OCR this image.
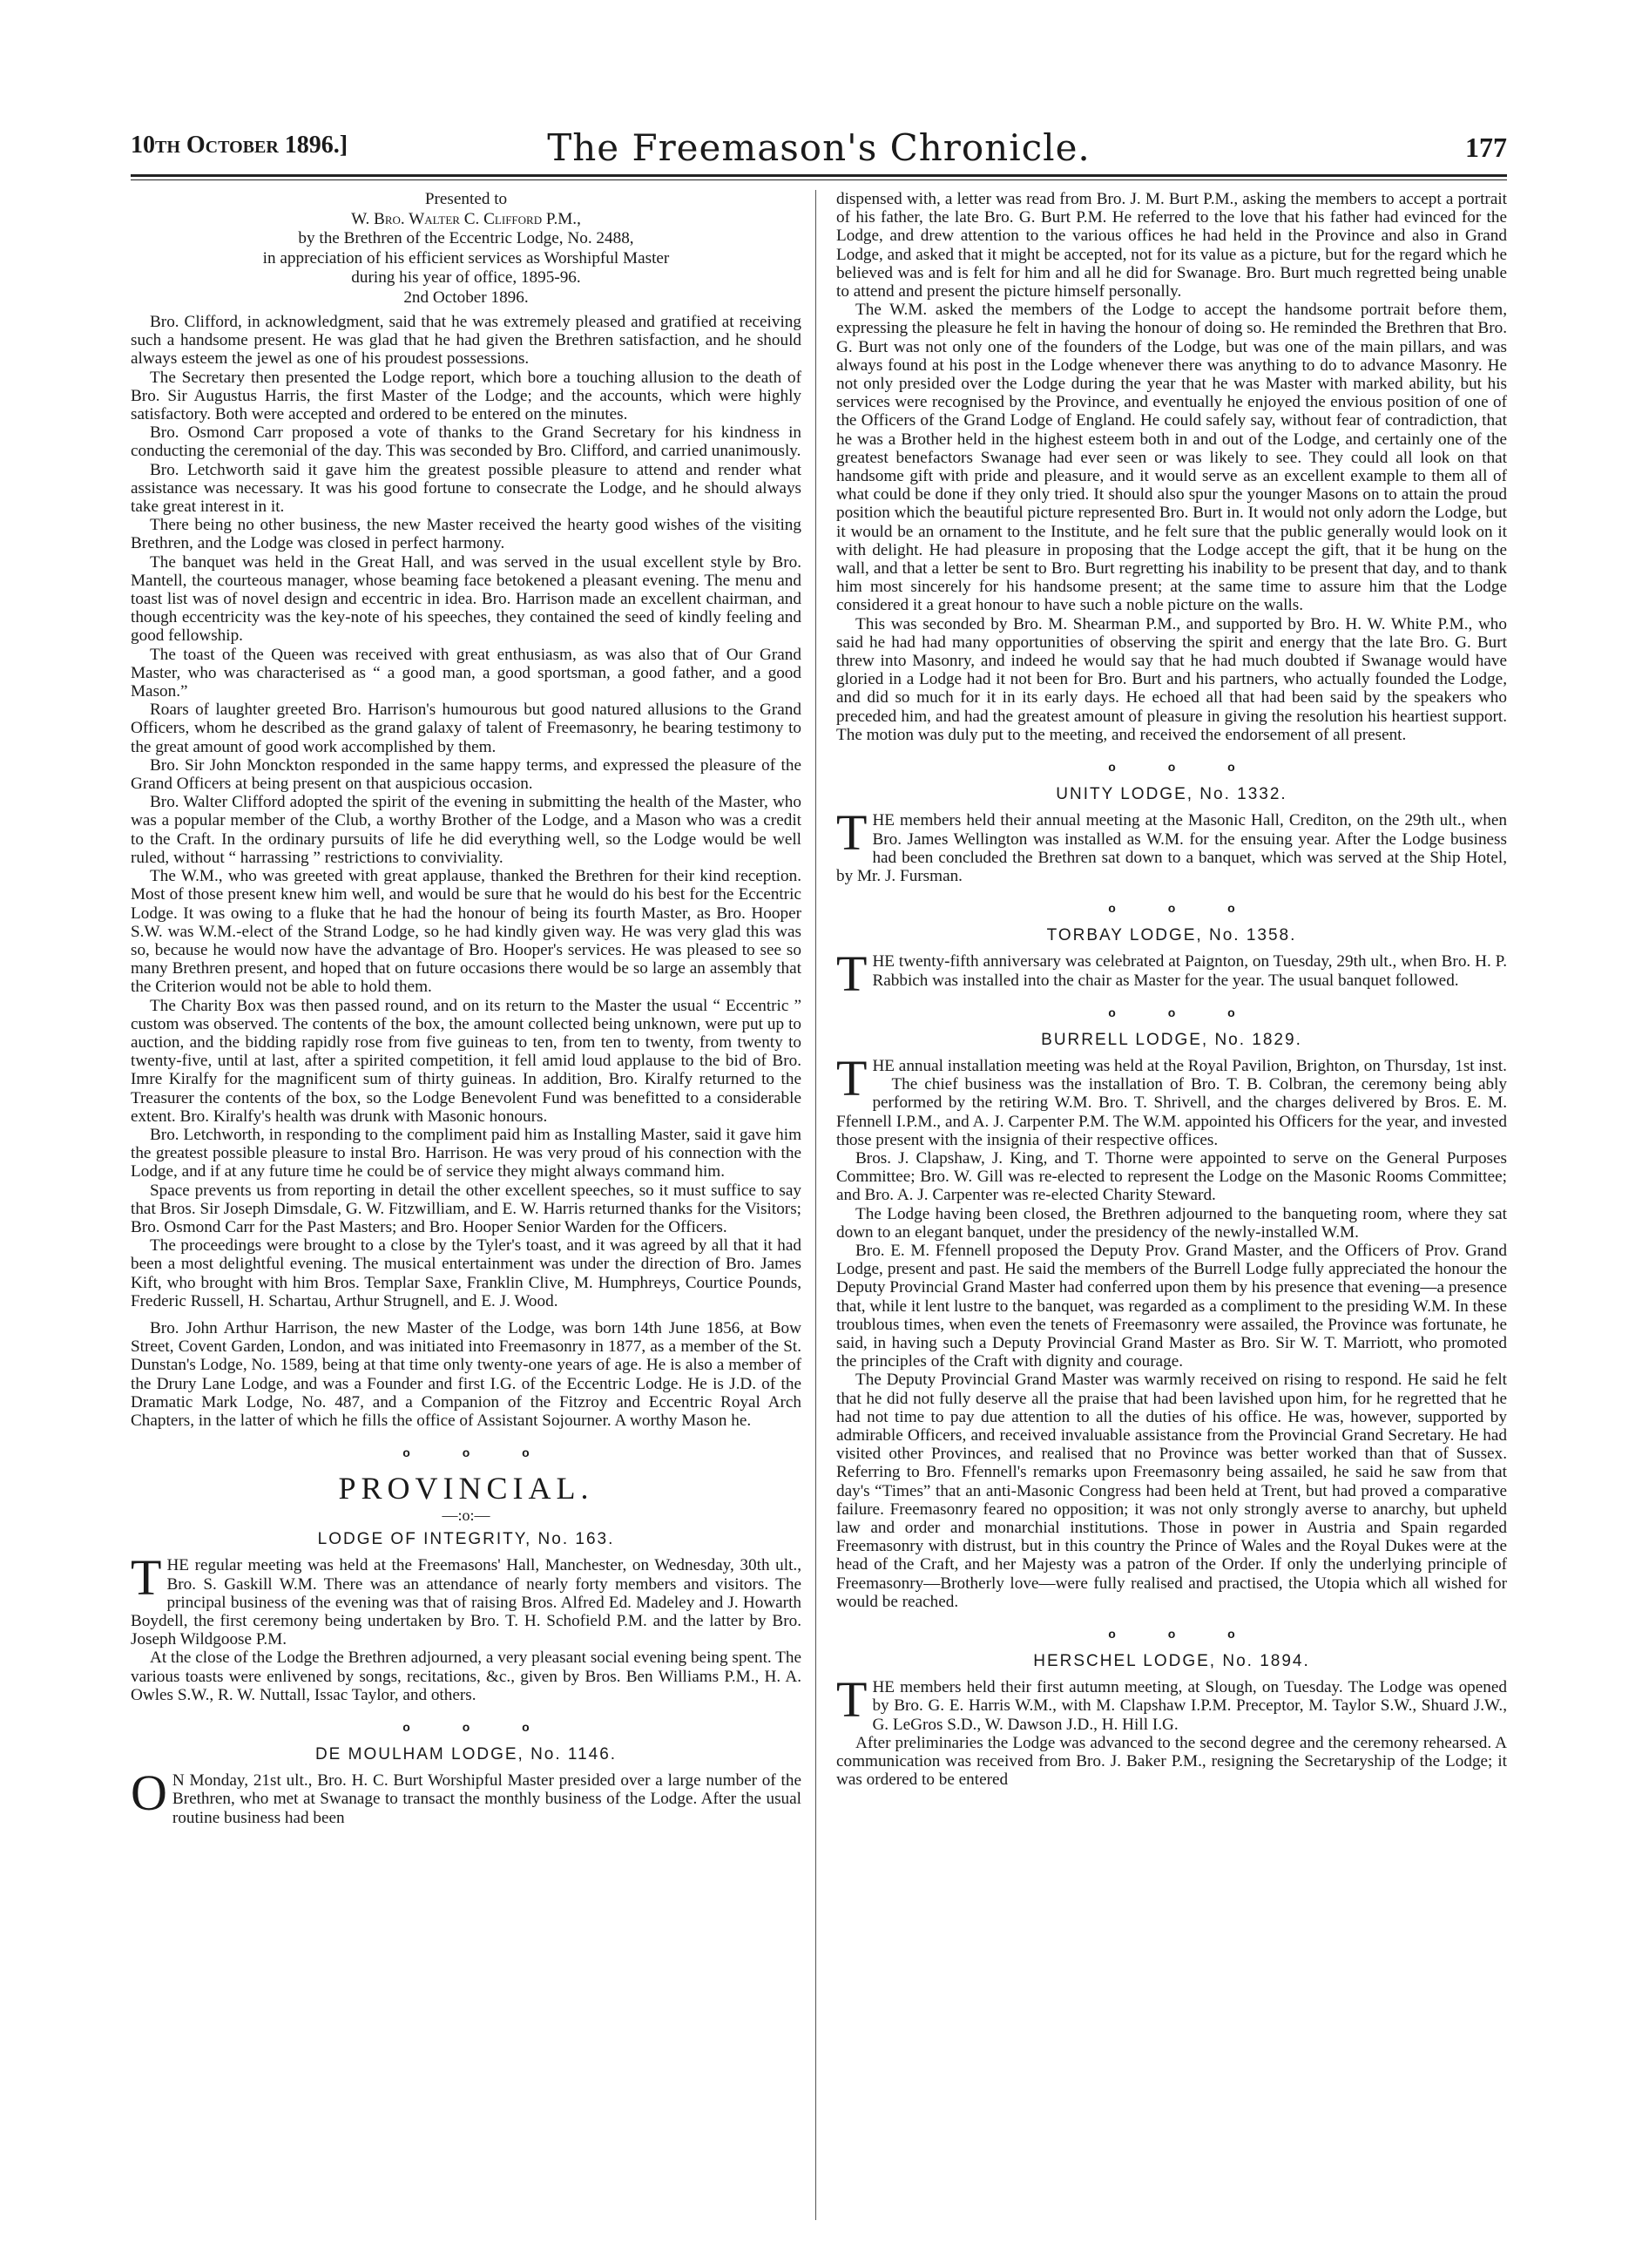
10th October 1896.]	The Freemason's Chronicle.	177
Presented to
W. Bro. Walter C. Clifford P.M.,
by the Brethren of the Eccentric Lodge, No. 2488,
in appreciation of his efficient services as Worshipful Master
during his year of office, 1895-96.
2nd October 1896.

Bro. Clifford, in acknowledgment, said that he was extremely pleased and gratified at receiving such a handsome present. He was glad that he had given the Brethren satisfaction, and he should always esteem the jewel as one of his proudest possessions.

The Secretary then presented the Lodge report, which bore a touching allusion to the death of Bro. Sir Augustus Harris, the first Master of the Lodge; and the accounts, which were highly satisfactory. Both were accepted and ordered to be entered on the minutes.

Bro. Osmond Carr proposed a vote of thanks to the Grand Secretary for his kindness in conducting the ceremonial of the day. This was seconded by Bro. Clifford, and carried unanimously.

Bro. Letchworth said it gave him the greatest possible pleasure to attend and render what assistance was necessary. It was his good fortune to consecrate the Lodge, and he should always take great interest in it.

There being no other business, the new Master received the hearty good wishes of the visiting Brethren, and the Lodge was closed in perfect harmony.

The banquet was held in the Great Hall, and was served in the usual excellent style by Bro. Mantell, the courteous manager, whose beaming face betokened a pleasant evening. The menu and toast list was of novel design and eccentric in idea. Bro. Harrison made an excellent chairman, and though eccentricity was the key-note of his speeches, they contained the seed of kindly feeling and good fellowship.

The toast of the Queen was received with great enthusiasm, as was also that of Our Grand Master, who was characterised as “ a good man, a good sportsman, a good father, and a good Mason.”

Roars of laughter greeted Bro. Harrison's humourous but good natured allusions to the Grand Officers, whom he described as the grand galaxy of talent of Freemasonry, he bearing testimony to the great amount of good work accomplished by them.

Bro. Sir John Monckton responded in the same happy terms, and expressed the pleasure of the Grand Officers at being present on that auspicious occasion.

Bro. Walter Clifford adopted the spirit of the evening in submitting the health of the Master, who was a popular member of the Club, a worthy Brother of the Lodge, and a Mason who was a credit to the Craft. In the ordinary pursuits of life he did everything well, so the Lodge would be well ruled, without “ harrassing ” restrictions to conviviality.

The W.M., who was greeted with great applause, thanked the Brethren for their kind reception. Most of those present knew him well, and would be sure that he would do his best for the Eccentric Lodge. It was owing to a fluke that he had the honour of being its fourth Master, as Bro. Hooper S.W. was W.M.-elect of the Strand Lodge, so he had kindly given way. He was very glad this was so, because he would now have the advantage of Bro. Hooper's services. He was pleased to see so many Brethren present, and hoped that on future occasions there would be so large an assembly that the Criterion would not be able to hold them.

The Charity Box was then passed round, and on its return to the Master the usual “ Eccentric ” custom was observed. The contents of the box, the amount collected being unknown, were put up to auction, and the bidding rapidly rose from five guineas to ten, from ten to twenty, from twenty to twenty-five, until at last, after a spirited competition, it fell amid loud applause to the bid of Bro. Imre Kiralfy for the magnificent sum of thirty guineas. In addition, Bro. Kiralfy returned to the Treasurer the contents of the box, so the Lodge Benevolent Fund was benefitted to a considerable extent. Bro. Kiralfy's health was drunk with Masonic honours.

Bro. Letchworth, in responding to the compliment paid him as Installing Master, said it gave him the greatest possible pleasure to instal Bro. Harrison. He was very proud of his connection with the Lodge, and if at any future time he could be of service they might always command him.

Space prevents us from reporting in detail the other excellent speeches, so it must suffice to say that Bros. Sir Joseph Dimsdale, G. W. Fitzwilliam, and E. W. Harris returned thanks for the Visitors; Bro. Osmond Carr for the Past Masters; and Bro. Hooper Senior Warden for the Officers.

The proceedings were brought to a close by the Tyler's toast, and it was agreed by all that it had been a most delightful evening. The musical entertainment was under the direction of Bro. James Kift, who brought with him Bros. Templar Saxe, Franklin Clive, M. Humphreys, Courtice Pounds, Frederic Russell, H. Schartau, Arthur Strugnell, and E. J. Wood.

Bro. John Arthur Harrison, the new Master of the Lodge, was born 14th June 1856, at Bow Street, Covent Garden, London, and was initiated into Freemasonry in 1877, as a member of the St. Dunstan's Lodge, No. 1589, being at that time only twenty-one years of age. He is also a member of the Drury Lane Lodge, and was a Founder and first I.G. of the Eccentric Lodge. He is J.D. of the Dramatic Mark Lodge, No. 487, and a Companion of the Fitzroy and Eccentric Royal Arch Chapters, in the latter of which he fills the office of Assistant Sojourner. A worthy Mason he.

o o o
PROVINCIAL.
—:o:—
LODGE OF INTEGRITY, No. 163.

THE regular meeting was held at the Freemasons' Hall, Manchester, on Wednesday, 30th ult., Bro. S. Gaskill W.M. There was an attendance of nearly forty members and visitors. The principal business of the evening was that of raising Bros. Alfred Ed. Madeley and J. Howarth Boydell, the first ceremony being undertaken by Bro. T. H. Schofield P.M. and the latter by Bro. Joseph Wildgoose P.M.

At the close of the Lodge the Brethren adjourned, a very pleasant social evening being spent. The various toasts were enlivened by songs, recitations, &c., given by Bros. Ben Williams P.M., H. A. Owles S.W., R. W. Nuttall, Issac Taylor, and others.

o o o
DE MOULHAM LODGE, No. 1146.

O N Monday, 21st ult., Bro. H. C. Burt Worshipful Master presided over a large number of the Brethren, who met at Swanage to transact the monthly business of the Lodge. After the usual routine business had been

dispensed with, a letter was read from Bro. J. M. Burt P.M., asking the members to accept a portrait of his father, the late Bro. G. Burt P.M. He referred to the love that his father had evinced for the Lodge, and drew attention to the various offices he had held in the Province and also in Grand Lodge, and asked that it might be accepted, not for its value as a picture, but for the regard which he believed was and is felt for him and all he did for Swanage. Bro. Burt much regretted being unable to attend and present the picture himself personally.

The W.M. asked the members of the Lodge to accept the handsome portrait before them, expressing the pleasure he felt in having the honour of doing so. He reminded the Brethren that Bro. G. Burt was not only one of the founders of the Lodge, but was one of the main pillars, and was always found at his post in the Lodge whenever there was anything to do to advance Masonry. He not only presided over the Lodge during the year that he was Master with marked ability, but his services were recognised by the Province, and eventually he enjoyed the envious position of one of the Officers of the Grand Lodge of England. He could safely say, without fear of contradiction, that he was a Brother held in the highest esteem both in and out of the Lodge, and certainly one of the greatest benefactors Swanage had ever seen or was likely to see. They could all look on that handsome gift with pride and pleasure, and it would serve as an excellent example to them all of what could be done if they only tried. It should also spur the younger Masons on to attain the proud position which the beautiful picture represented Bro. Burt in. It would not only adorn the Lodge, but it would be an ornament to the Institute, and he felt sure that the public generally would look on it with delight. He had pleasure in proposing that the Lodge accept the gift, that it be hung on the wall, and that a letter be sent to Bro. Burt regretting his inability to be present that day, and to thank him most sincerely for his handsome present; at the same time to assure him that the Lodge considered it a great honour to have such a noble picture on the walls.

This was seconded by Bro. M. Shearman P.M., and supported by Bro. H. W. White P.M., who said he had had many opportunities of observing the spirit and energy that the late Bro. G. Burt threw into Masonry, and indeed he would say that he had much doubted if Swanage would have gloried in a Lodge had it not been for Bro. Burt and his partners, who actually founded the Lodge, and did so much for it in its early days. He echoed all that had been said by the speakers who preceded him, and had the greatest amount of pleasure in giving the resolution his heartiest support. The motion was duly put to the meeting, and received the endorsement of all present.

o o o
UNITY LODGE, No. 1332.

THE members held their annual meeting at the Masonic Hall, Crediton, on the 29th ult., when Bro. James Wellington was installed as W.M. for the ensuing year. After the Lodge business had been concluded the Brethren sat down to a banquet, which was served at the Ship Hotel, by Mr. J. Fursman.

o o o
TORBAY LODGE, No. 1358.

THE twenty-fifth anniversary was celebrated at Paignton, on Tuesday, 29th ult., when Bro. H. P. Rabbich was installed into the chair as Master for the year. The usual banquet followed.

o o o
BURRELL LODGE, No. 1829.

THE annual installation meeting was held at the Royal Pavilion, Brighton, on Thursday, 1st inst.

The chief business was the installation of Bro. T. B. Colbran, the ceremony being ably performed by the retiring W.M. Bro. T. Shrivell, and the charges delivered by Bros. E. M. Ffennell I.P.M., and A. J. Carpenter P.M. The W.M. appointed his Officers for the year, and invested those present with the insignia of their respective offices.

Bros. J. Clapshaw, J. King, and T. Thorne were appointed to serve on the General Purposes Committee; Bro. W. Gill was re-elected to represent the Lodge on the Masonic Rooms Committee; and Bro. A. J. Carpenter was re-elected Charity Steward.

The Lodge having been closed, the Brethren adjourned to the banqueting room, where they sat down to an elegant banquet, under the presidency of the newly-installed W.M.

Bro. E. M. Ffennell proposed the Deputy Prov. Grand Master, and the Officers of Prov. Grand Lodge, present and past. He said the members of the Burrell Lodge fully appreciated the honour the Deputy Provincial Grand Master had conferred upon them by his presence that evening—a presence that, while it lent lustre to the banquet, was regarded as a compliment to the presiding W.M. In these troublous times, when even the tenets of Freemasonry were assailed, the Province was fortunate, he said, in having such a Deputy Provincial Grand Master as Bro. Sir W. T. Marriott, who promoted the principles of the Craft with dignity and courage.

The Deputy Provincial Grand Master was warmly received on rising to respond. He said he felt that he did not fully deserve all the praise that had been lavished upon him, for he regretted that he had not time to pay due attention to all the duties of his office. He was, however, supported by admirable Officers, and received invaluable assistance from the Provincial Grand Secretary. He had visited other Provinces, and realised that no Province was better worked than that of Sussex. Referring to Bro. Ffennell's remarks upon Freemasonry being assailed, he said he saw from that day's “Times” that an anti-Masonic Congress had been held at Trent, but had proved a comparative failure. Freemasonry feared no opposition; it was not only strongly averse to anarchy, but upheld law and order and monarchial institutions. Those in power in Austria and Spain regarded Freemasonry with distrust, but in this country the Prince of Wales and the Royal Dukes were at the head of the Craft, and her Majesty was a patron of the Order. If only the underlying principle of Freemasonry—Brotherly love—were fully realised and practised, the Utopia which all wished for would be reached.

o o o
HERSCHEL LODGE, No. 1894.

THE members held their first autumn meeting, at Slough, on Tuesday. The Lodge was opened by Bro. G. E. Harris W.M., with M. Clapshaw I.P.M. Preceptor, M. Taylor S.W., Shuard J.W., G. LeGros S.D., W. Dawson J.D., H. Hill I.G.

After preliminaries the Lodge was advanced to the second degree and the ceremony rehearsed. A communication was received from Bro. J. Baker P.M., resigning the Secretaryship of the Lodge; it was ordered to be entered
